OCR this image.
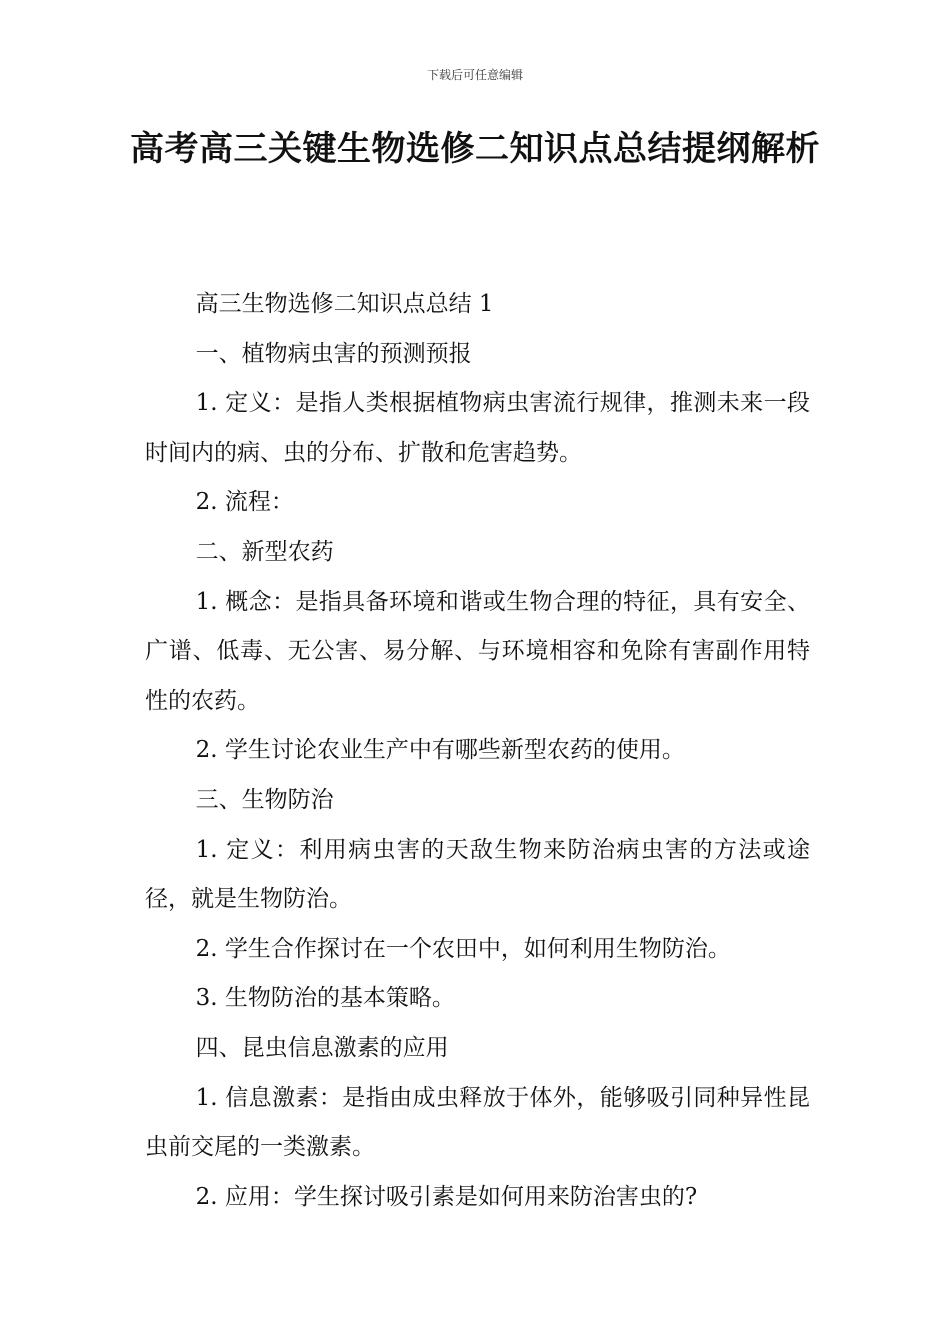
下载后可任意编辑
高考高三关键生物选修二知识点总结提纲解析

高三生物选修二知识点总结 1

一、植物病虫害的预测预报

1. 定义：是指人类根据植物病虫害流行规律，推测未来一段时间内的病、虫的分布、扩散和危害趋势。

2. 流程：

二、新型农药

1. 概念：是指具备环境和谐或生物合理的特征，具有安全、广谱、低毒、无公害、易分解、与环境相容和免除有害副作用特性的农药。

2. 学生讨论农业生产中有哪些新型农药的使用。

三、生物防治

1. 定义：利用病虫害的天敌生物来防治病虫害的方法或途径，就是生物防治。

2. 学生合作探讨在一个农田中，如何利用生物防治。

3. 生物防治的基本策略。

四、昆虫信息激素的应用

1. 信息激素：是指由成虫释放于体外，能够吸引同种异性昆虫前交尾的一类激素。

2. 应用：学生探讨吸引素是如何用来防治害虫的?
